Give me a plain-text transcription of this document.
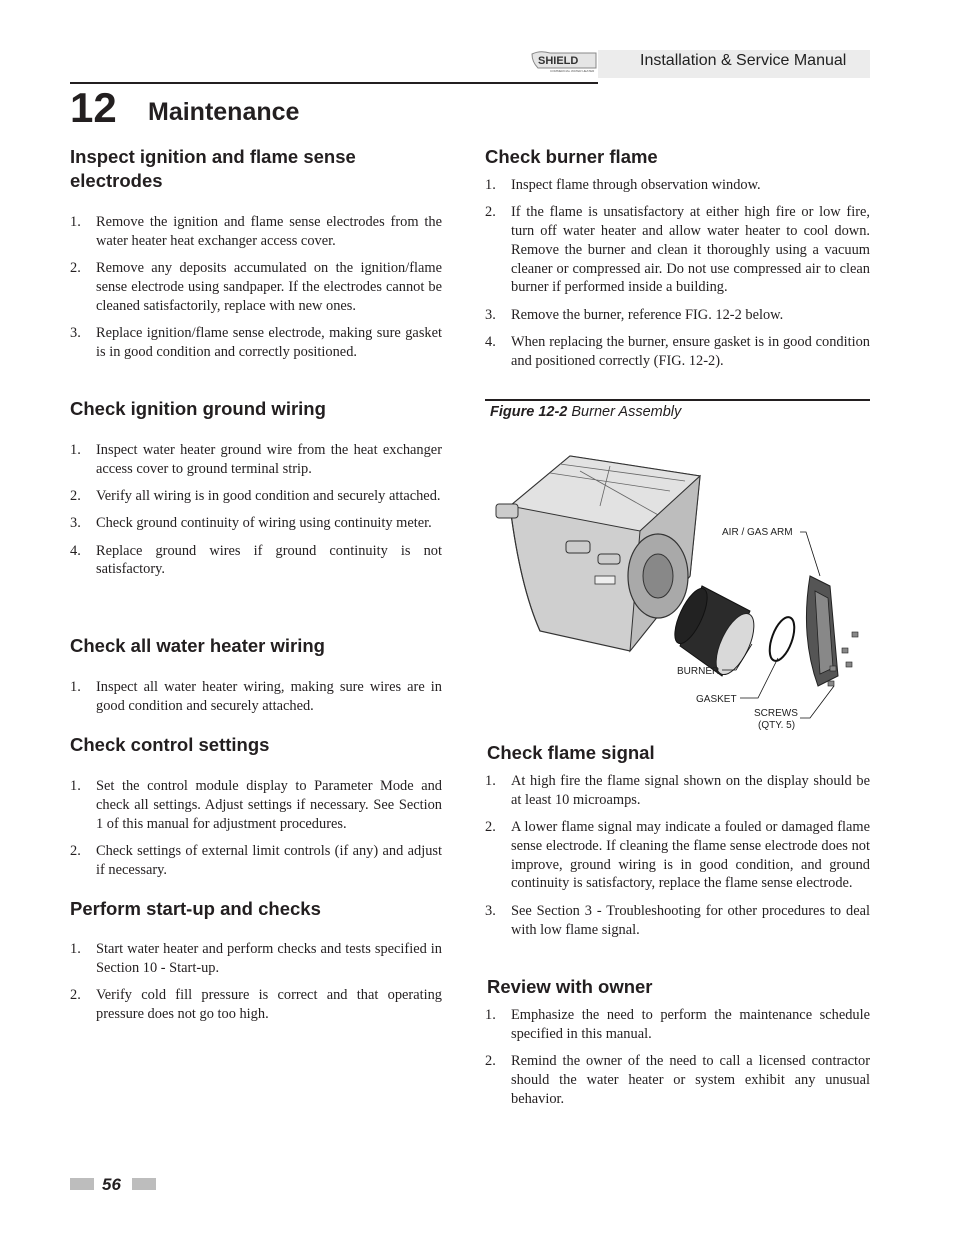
SHIELD
COMMERCIAL WATER HEATER
Installation & Service Manual
12 Maintenance
Inspect ignition and flame sense electrodes
1. Remove the ignition and flame sense electrodes from the water heater heat exchanger access cover.
2. Remove any deposits accumulated on the ignition/flame sense electrode using sandpaper. If the electrodes cannot be cleaned satisfactorily, replace with new ones.
3. Replace ignition/flame sense electrode, making sure gasket is in good condition and correctly positioned.
Check ignition ground wiring
1. Inspect water heater ground wire from the heat exchanger access cover to ground terminal strip.
2. Verify all wiring is in good condition and securely attached.
3. Check ground continuity of wiring using continuity meter.
4. Replace ground wires if ground continuity is not satisfactory.
Check all water heater wiring
1. Inspect all water heater wiring, making sure wires are in good condition and securely attached.
Check control settings
1. Set the control module display to Parameter Mode and check all settings. Adjust settings if necessary. See Section 1 of this manual for adjustment procedures.
2. Check settings of external limit controls (if any) and adjust if necessary.
Perform start-up and checks
1. Start water heater and perform checks and tests specified in Section 10 - Start-up.
2. Verify cold fill pressure is correct and that operating pressure does not go too high.
Check burner flame
1. Inspect flame through observation window.
2. If the flame is unsatisfactory at either high fire or low fire, turn off water heater and allow water heater to cool down. Remove the burner and clean it thoroughly using a vacuum cleaner or compressed air. Do not use compressed air to clean burner if performed inside a building.
3. Remove the burner, reference FIG. 12-2 below.
4. When replacing the burner, ensure gasket is in good condition and positioned correctly (FIG. 12-2).
Check flame signal
1. At high fire the flame signal shown on the display should be at least 10 microamps.
2. A lower flame signal may indicate a fouled or damaged flame sense electrode. If cleaning the flame sense electrode does not improve, ground wiring is in good condition, and ground continuity is satisfactory, replace the flame sense electrode.
3. See Section 3 - Troubleshooting for other procedures to deal with low flame signal.
Review with owner
1. Emphasize the need to perform the maintenance schedule specified in this manual.
2. Remind the owner of the need to call a licensed contractor should the water heater or system exhibit any unusual behavior.
Figure 12-2 Burner Assembly
AIR / GAS ARM
BURNER
GASKET
SCREWS
(QTY. 5)
56
